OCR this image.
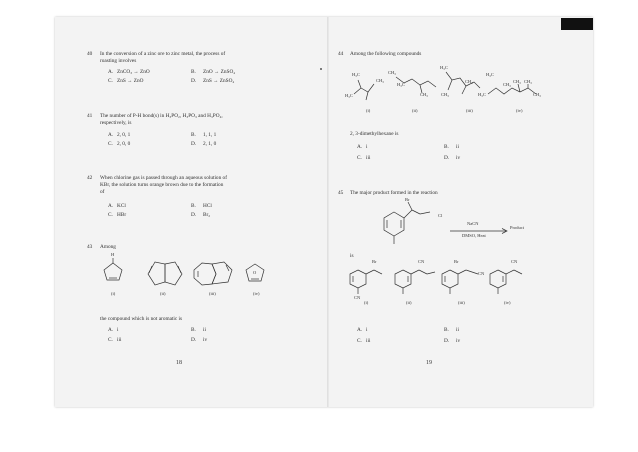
40 In the conversion of a zinc ore to zinc metal, the process of
roasting involves
A. ZnCO₃ → ZnO	B. ZnO → ZnSO₄
C. ZnS → ZnO	D. ZnS → ZnSO₄
41 The number of P-H bond(s) in H₃PO₂, H₃PO₃ and H₃PO₄,
respectively, is
A. 2, 0, 1	B. 1, 1, 1
C. 2, 0, 0	D. 2, 1, 0
42 When chlorine gas is passed through an aqueous solution of
KBr, the solution turns orange brown due to the formation
of
A. KCl	B. HCl
C. HBr	D. Br₂
43 Among
H
O
(i)	(ii)	(iii)	(iv)
the compound which is not aromatic is
A. i	B. ii
C. iii	D. iv
18
44 Among the following compounds
H₃C
CH₃
H₃C
CH₃
H₃C
CH₃
H₃C
CH₃
CH₃
H₃C
CH₃
H₃C
CH₃ CH₃
CH₃
(i)	(ii)	(iii)	(iv)
2, 3-dimethylhexane is
A. i	B. ii
C. iii	D. iv
45 The major product formed in the reaction
Br
Cl
NaCN
DMSO, Heat
Product
is
Br
CN
CN	Br
CN
CN
(i)	(ii)	(iii)	(iv)
A. i	B. ii
C. iii	D. iv
19
